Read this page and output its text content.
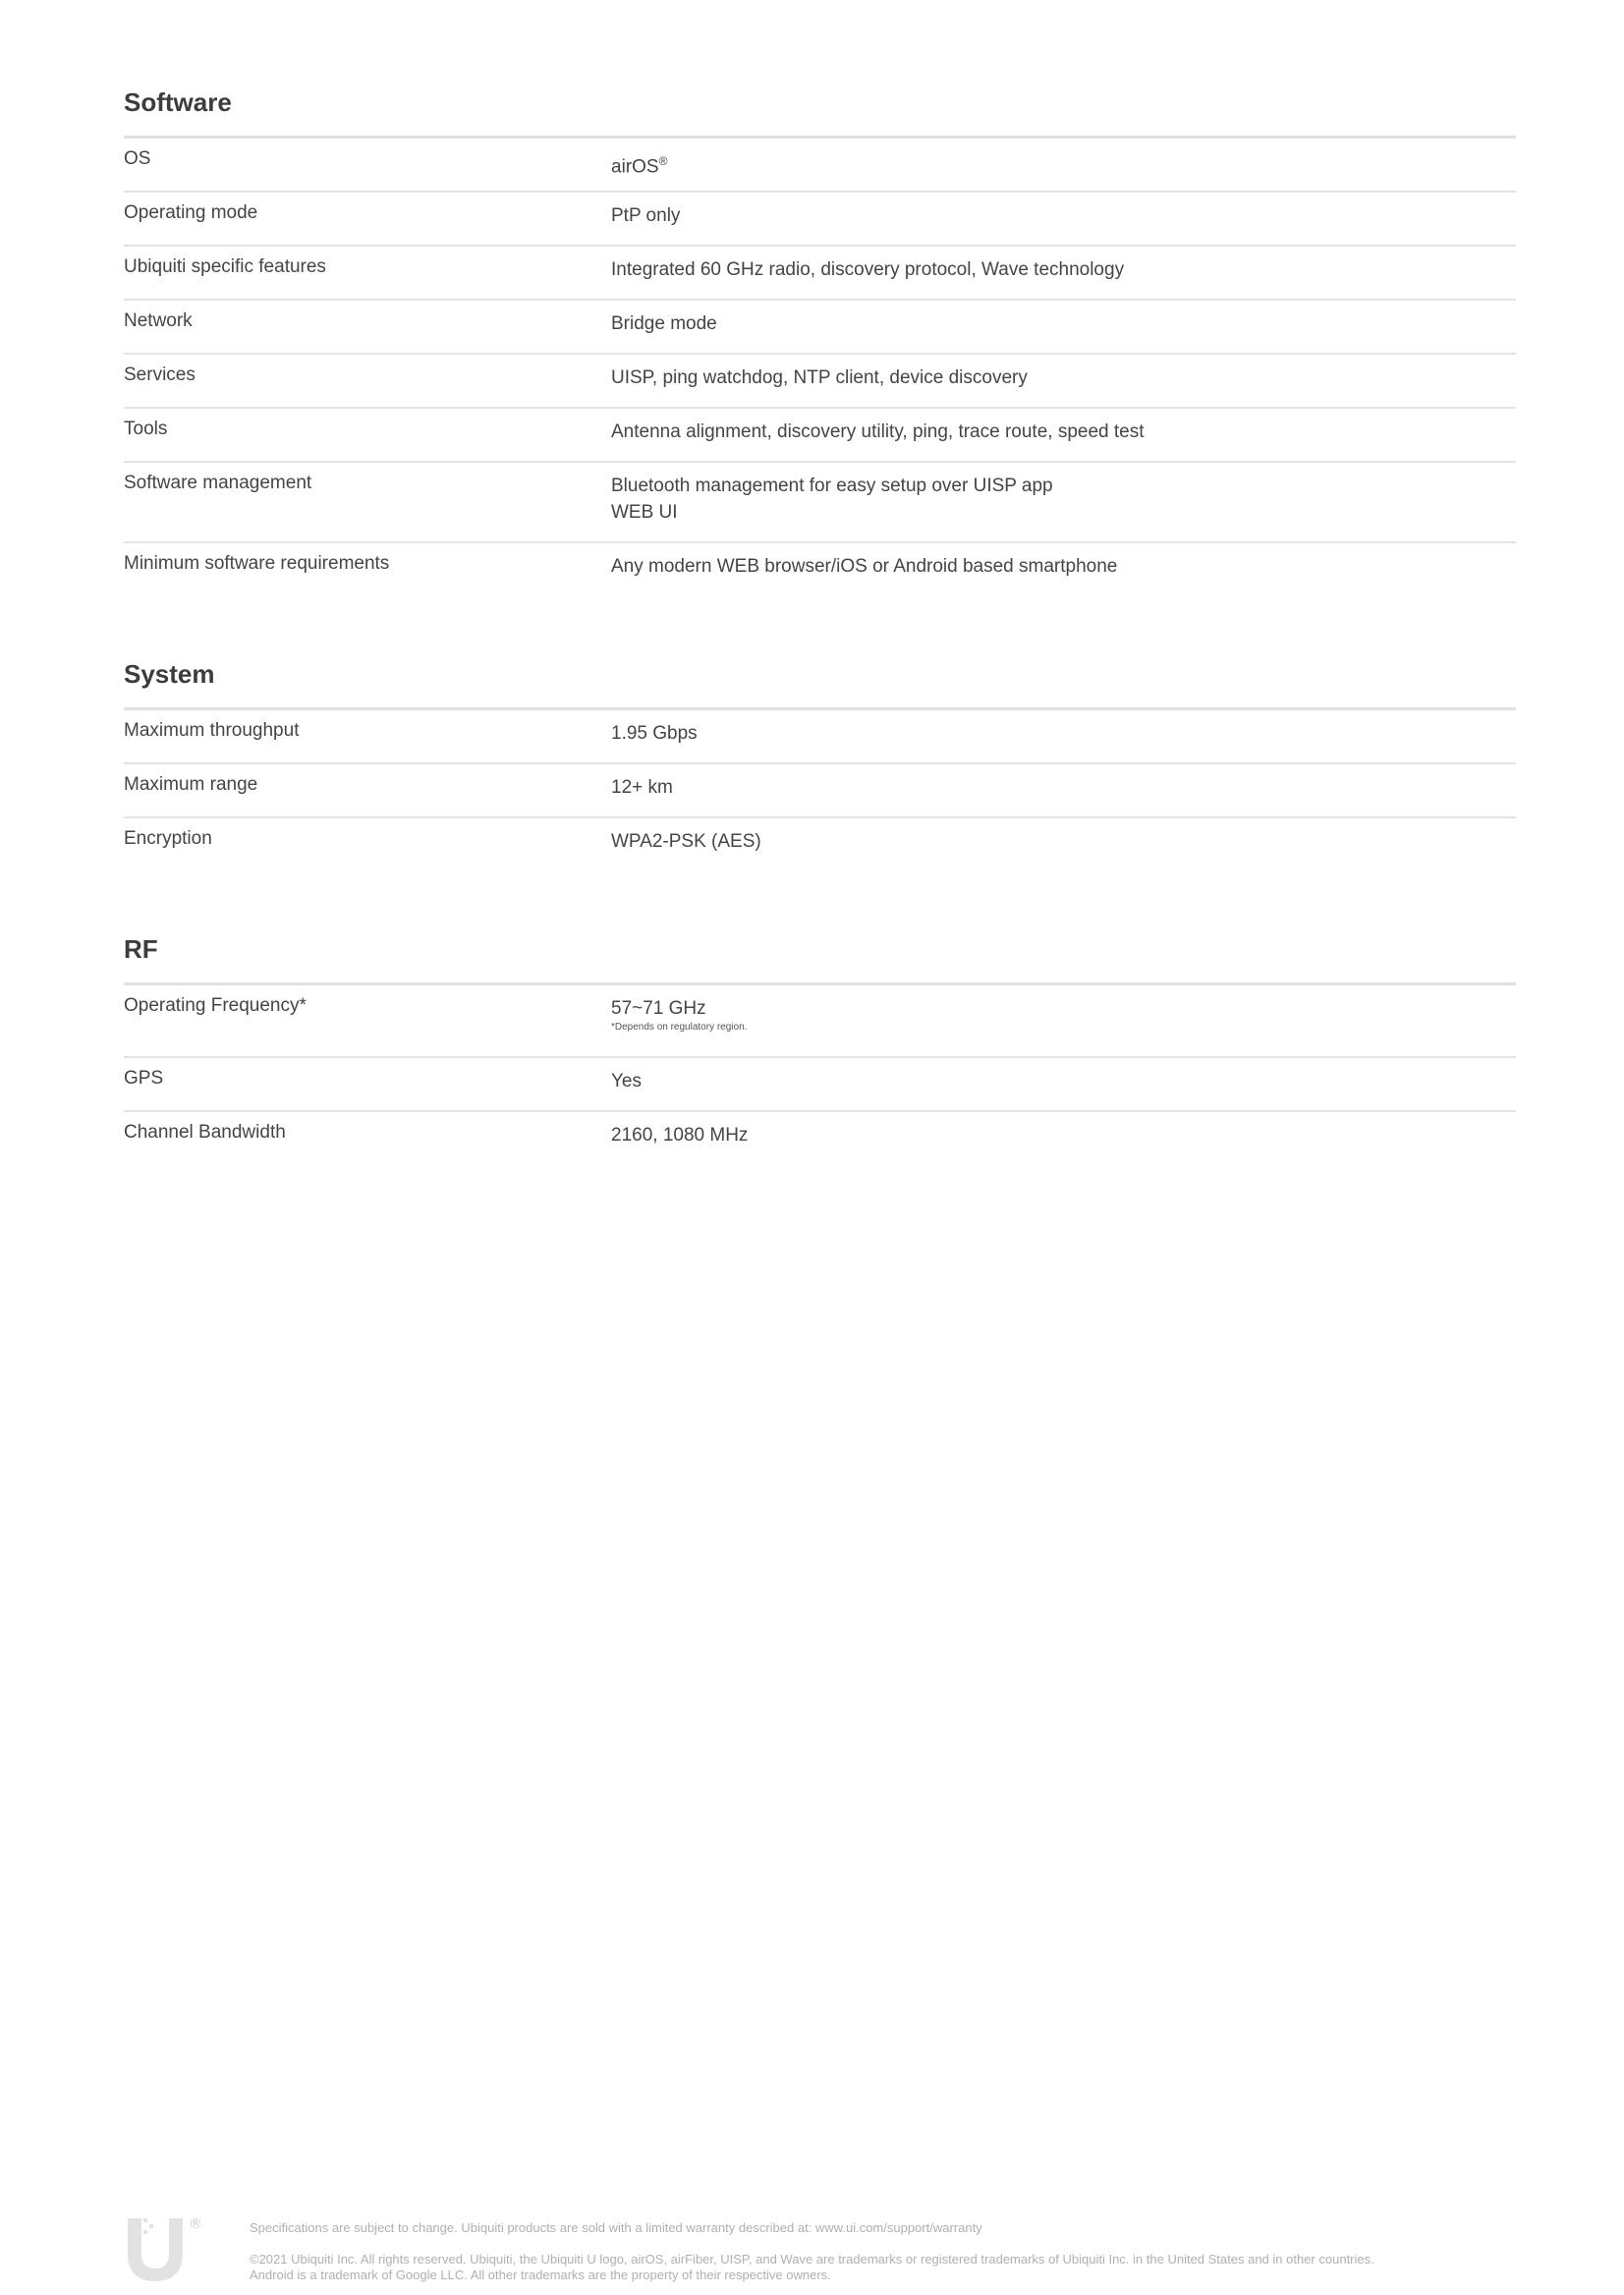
Software
OS	airOS®
Operating mode	PtP only
Ubiquiti specific features	Integrated 60 GHz radio, discovery protocol, Wave technology
Network	Bridge mode
Services	UISP, ping watchdog, NTP client, device discovery
Tools	Antenna alignment, discovery utility, ping, trace route, speed test
Software management	Bluetooth management for easy setup over UISP app
WEB UI
Minimum software requirements	Any modern WEB browser/iOS or Android based smartphone
System
Maximum throughput	1.95 Gbps
Maximum range	12+ km
Encryption	WPA2-PSK (AES)
RF
Operating Frequency*	57~71 GHz
*Depends on regulatory region.
GPS	Yes
Channel Bandwidth	2160, 1080 MHz
®	Specifications are subject to change. Ubiquiti products are sold with a limited warranty described at: www.ui.com/support/warranty
©2021 Ubiquiti Inc. All rights reserved. Ubiquiti, the Ubiquiti U logo, airOS, airFiber, UISP, and Wave are trademarks or registered trademarks of Ubiquiti Inc. in the United States and in other countries.
Android is a trademark of Google LLC. All other trademarks are the property of their respective owners.
